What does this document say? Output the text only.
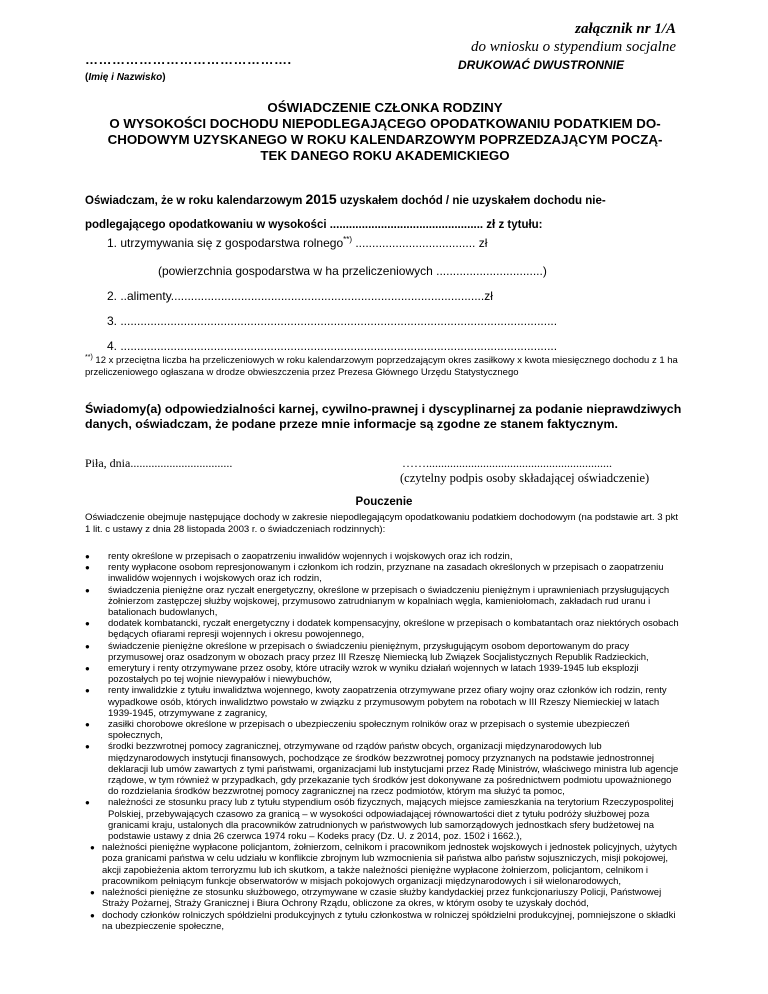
załącznik nr 1/A
do wniosku o stypendium socjalne
DRUKOWAĆ DWUSTRONNIE
……………………………………….
(Imię i Nazwisko)
OŚWIADCZENIE CZŁONKA RODZINY
O WYSOKOŚCI DOCHODU NIEPODLEGAJĄCEGO OPODATKOWANIU PODATKIEM DO-
CHODOWYM UZYSKANEGO W ROKU KALENDARZOWYM POPRZEDZAJĄCYM POCZĄ-
TEK DANEGO ROKU AKADEMICKIEGO
Oświadczam, że w roku kalendarzowym 2015 uzyskałem dochód / nie uzyskałem dochodu nie-
podlegającego opodatkowaniu w wysokości ................................................ zł z tytułu:
1. utrzymywania się z gospodarstwa rolnego**) .................................... zł
(powierzchnia gospodarstwa w ha przeliczeniowych ................................)
2. ..alimenty..............................................................................................zł
3. ...................................................................................................................................
4. ...................................................................................................................................
**) 12 x przeciętna liczba ha przeliczeniowych w roku kalendarzowym poprzedzającym okres zasiłkowy x kwota miesięcznego dochodu z 1 ha przeliczeniowego ogłaszana w drodze obwieszczenia przez Prezesa Głównego Urzędu Statystycznego
Świadomy(a) odpowiedzialności karnej, cywilno-prawnej i dyscyplinarnej za podanie nieprawdziwych danych, oświadczam, że podane przeze mnie informacje są zgodne ze stanem faktycznym.
Piła, dnia..................................	……..............................................................
(czytelny podpis osoby składającej oświadczenie)
Pouczenie
Oświadczenie obejmuje następujące dochody w zakresie niepodlegającym opodatkowaniu podatkiem dochodowym (na podstawie art. 3 pkt 1 lit. c ustawy z dnia 28 listopada 2003 r. o świadczeniach rodzinnych):
● renty określone w przepisach o zaopatrzeniu inwalidów wojennych i wojskowych oraz ich rodzin,
● renty wypłacone osobom represjonowanym i członkom ich rodzin, przyznane na zasadach określonych w przepisach o zaopatrzeniu inwalidów wojennych i wojskowych oraz ich rodzin,
● świadczenia pieniężne oraz ryczałt energetyczny, określone w przepisach o świadczeniu pieniężnym i uprawnieniach przysługujących żołnierzom zastępczej służby wojskowej, przymusowo zatrudnianym w kopalniach węgla, kamieniołomach, zakładach rud uranu i batalionach budowlanych,
● dodatek kombatancki, ryczałt energetyczny i dodatek kompensacyjny, określone w przepisach o kombatantach oraz niektórych osobach będących ofiarami represji wojennych i okresu powojennego,
● świadczenie pieniężne określone w przepisach o świadczeniu pieniężnym, przysługującym osobom deportowanym do pracy przymusowej oraz osadzonym w obozach pracy przez III Rzeszę Niemiecką lub Związek Socjalistycznych Republik Radzieckich,
● emerytury i renty otrzymywane przez osoby, które utraciły wzrok w wyniku działań wojennych w latach 1939-1945 lub eksplozji pozostałych po tej wojnie niewypałów i niewybuchów,
● renty inwalidzkie z tytułu inwalidztwa wojennego, kwoty zaopatrzenia otrzymywane przez ofiary wojny oraz członków ich rodzin, renty wypadkowe osób, których inwalidztwo powstało w związku z przymusowym pobytem na robotach w III Rzeszy Niemieckiej w latach 1939-1945, otrzymywane z zagranicy,
● zasiłki chorobowe określone w przepisach o ubezpieczeniu społecznym rolników oraz w przepisach o systemie ubezpieczeń społecznych,
● środki bezzwrotnej pomocy zagranicznej, otrzymywane od rządów państw obcych, organizacji międzynarodowych lub międzynarodowych instytucji finansowych, pochodzące ze środków bezzwrotnej pomocy przyznanych na podstawie jednostronnej deklaracji lub umów zawartych z tymi państwami, organizacjami lub instytucjami przez Radę Ministrów, właściwego ministra lub agencje rządowe, w tym również w przypadkach, gdy przekazanie tych środków jest dokonywane za pośrednictwem podmiotu upoważnionego do rozdzielania środków bezzwrotnej pomocy zagranicznej na rzecz podmiotów, którym ma służyć ta pomoc,
● należności ze stosunku pracy lub z tytułu stypendium osób fizycznych, mających miejsce zamieszkania na terytorium Rzeczypospolitej Polskiej, przebywających czasowo za granicą – w wysokości odpowiadającej równowartości diet z tytułu podróży służbowej poza granicami kraju, ustalonych dla pracowników zatrudnionych w państwowych lub samorządowych jednostkach sfery budżetowej na podstawie ustawy z dnia 26 czerwca 1974 roku – Kodeks pracy (Dz. U. z 2014, poz. 1502 i 1662.),
● należności pieniężne wypłacone policjantom, żołnierzom, celnikom i pracownikom jednostek wojskowych i jednostek policyjnych, użytych poza granicami państwa w celu udziału w konflikcie zbrojnym lub wzmocnienia sił państwa albo państw sojuszniczych, misji pokojowej, akcji zapobieżenia aktom terroryzmu lub ich skutkom, a także należności pieniężne wypłacone żołnierzom, policjantom, celnikom i pracownikom pełniącym funkcje obserwatorów w misjach pokojowych organizacji międzynarodowych i sił wielonarodowych,
● należności pieniężne ze stosunku służbowego, otrzymywane w czasie służby kandydackiej przez funkcjonariuszy Policji, Państwowej Straży Pożarnej, Straży Granicznej i Biura Ochrony Rządu, obliczone za okres, w którym osoby te uzyskały dochód,
● dochody członków rolniczych spółdzielni produkcyjnych z tytułu członkostwa w rolniczej spółdzielni produkcyjnej, pomniejszone o składki na ubezpieczenie społeczne,
